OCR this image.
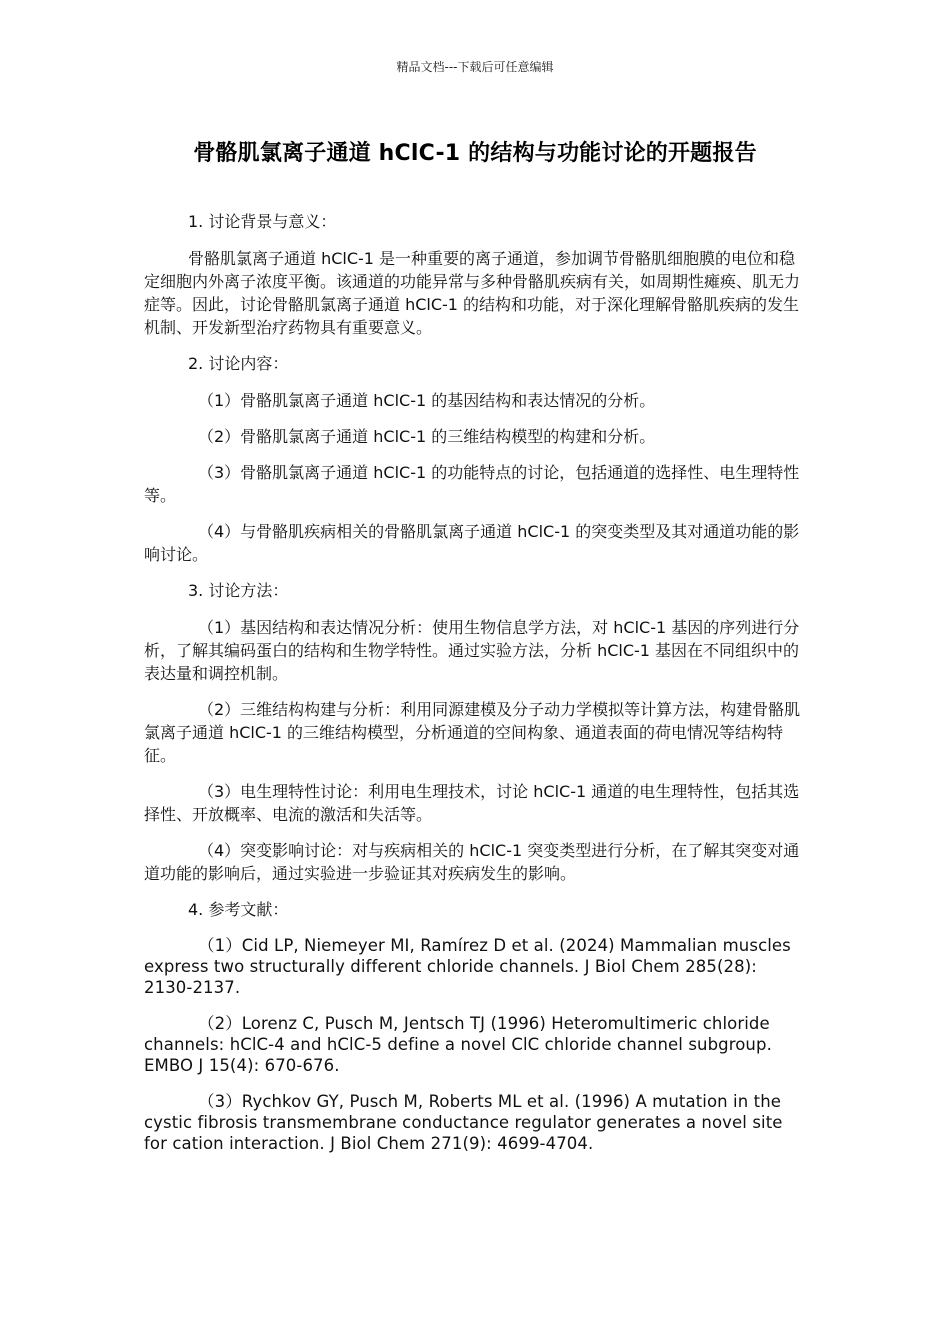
精品文档---下载后可任意编辑
骨骼肌氯离子通道 hClC-1 的结构与功能讨论的开题报告
1. 讨论背景与意义：
骨骼肌氯离子通道 hClC-1 是一种重要的离子通道，参加调节骨骼肌细胞膜的电位和稳定细胞内外离子浓度平衡。该通道的功能异常与多种骨骼肌疾病有关，如周期性瘫痪、肌无力症等。因此，讨论骨骼肌氯离子通道 hClC-1 的结构和功能，对于深化理解骨骼肌疾病的发生机制、开发新型治疗药物具有重要意义。
2. 讨论内容：
（1）骨骼肌氯离子通道 hClC-1 的基因结构和表达情况的分析。
（2）骨骼肌氯离子通道 hClC-1 的三维结构模型的构建和分析。
（3）骨骼肌氯离子通道 hClC-1 的功能特点的讨论，包括通道的选择性、电生理特性等。
（4）与骨骼肌疾病相关的骨骼肌氯离子通道 hClC-1 的突变类型及其对通道功能的影响讨论。
3. 讨论方法：
（1）基因结构和表达情况分析：使用生物信息学方法，对 hClC-1 基因的序列进行分析，了解其编码蛋白的结构和生物学特性。通过实验方法，分析 hClC-1 基因在不同组织中的表达量和调控机制。
（2）三维结构构建与分析：利用同源建模及分子动力学模拟等计算方法，构建骨骼肌氯离子通道 hClC-1 的三维结构模型，分析通道的空间构象、通道表面的荷电情况等结构特征。
（3）电生理特性讨论：利用电生理技术，讨论 hClC-1 通道的电生理特性，包括其选择性、开放概率、电流的激活和失活等。
（4）突变影响讨论：对与疾病相关的 hClC-1 突变类型进行分析，在了解其突变对通道功能的影响后，通过实验进一步验证其对疾病发生的影响。
4. 参考文献：
（1）Cid LP, Niemeyer MI, Ramírez D et al. (2024) Mammalian muscles express two structurally different chloride channels. J Biol Chem 285(28): 2130-2137.
（2）Lorenz C, Pusch M, Jentsch TJ (1996) Heteromultimeric chloride channels: hClC-4 and hClC-5 define a novel ClC chloride channel subgroup. EMBO J 15(4): 670-676.
（3）Rychkov GY, Pusch M, Roberts ML et al. (1996) A mutation in the cystic fibrosis transmembrane conductance regulator generates a novel site for cation interaction. J Biol Chem 271(9): 4699-4704.
